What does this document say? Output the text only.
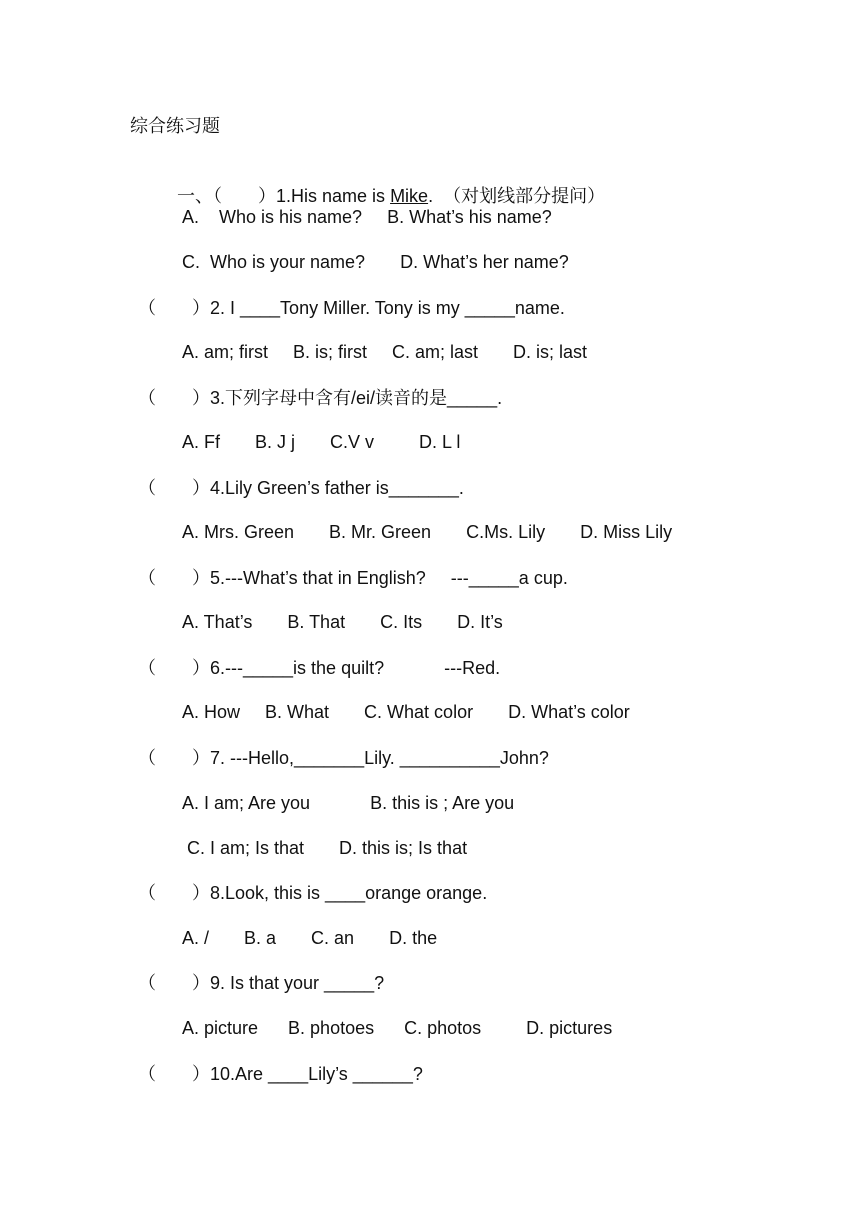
综合练习题

一、（　　）1.His name is Mike.  （对划线部分提问）

A.    Who is his name?     B. What’s his name?
C.  Who is your name?       D. What’s her name?
（　　）2. I ____Tony Miller. Tony is my _____name.
A. am; first     B. is; first     C. am; last       D. is; last
（　　）3.下列字母中含有/ei/读音的是_____.
A. Ff       B. J j       C.V v         D. L l
（　　）4.Lily Green’s father is_______.
A. Mrs. Green       B. Mr. Green       C.Ms. Lily       D. Miss Lily
（　　）5.---What’s that in English?     ---_____a cup.
A. That’s       B. That       C. Its       D. It’s
（　　）6.---_____is the quilt?            ---Red.
A. How     B. What       C. What color       D. What’s color
（　　）7. ---Hello,_______Lily. __________John?
A. I am; Are you            B. this is ; Are you
C. I am; Is that       D. this is; Is that
（　　）8.Look, this is ____orange orange.
A. /       B. a       C. an       D. the
（　　）9. Is that your _____?
A. picture      B. photoes      C. photos         D. pictures
（　　）10.Are ____Lily’s ______?
